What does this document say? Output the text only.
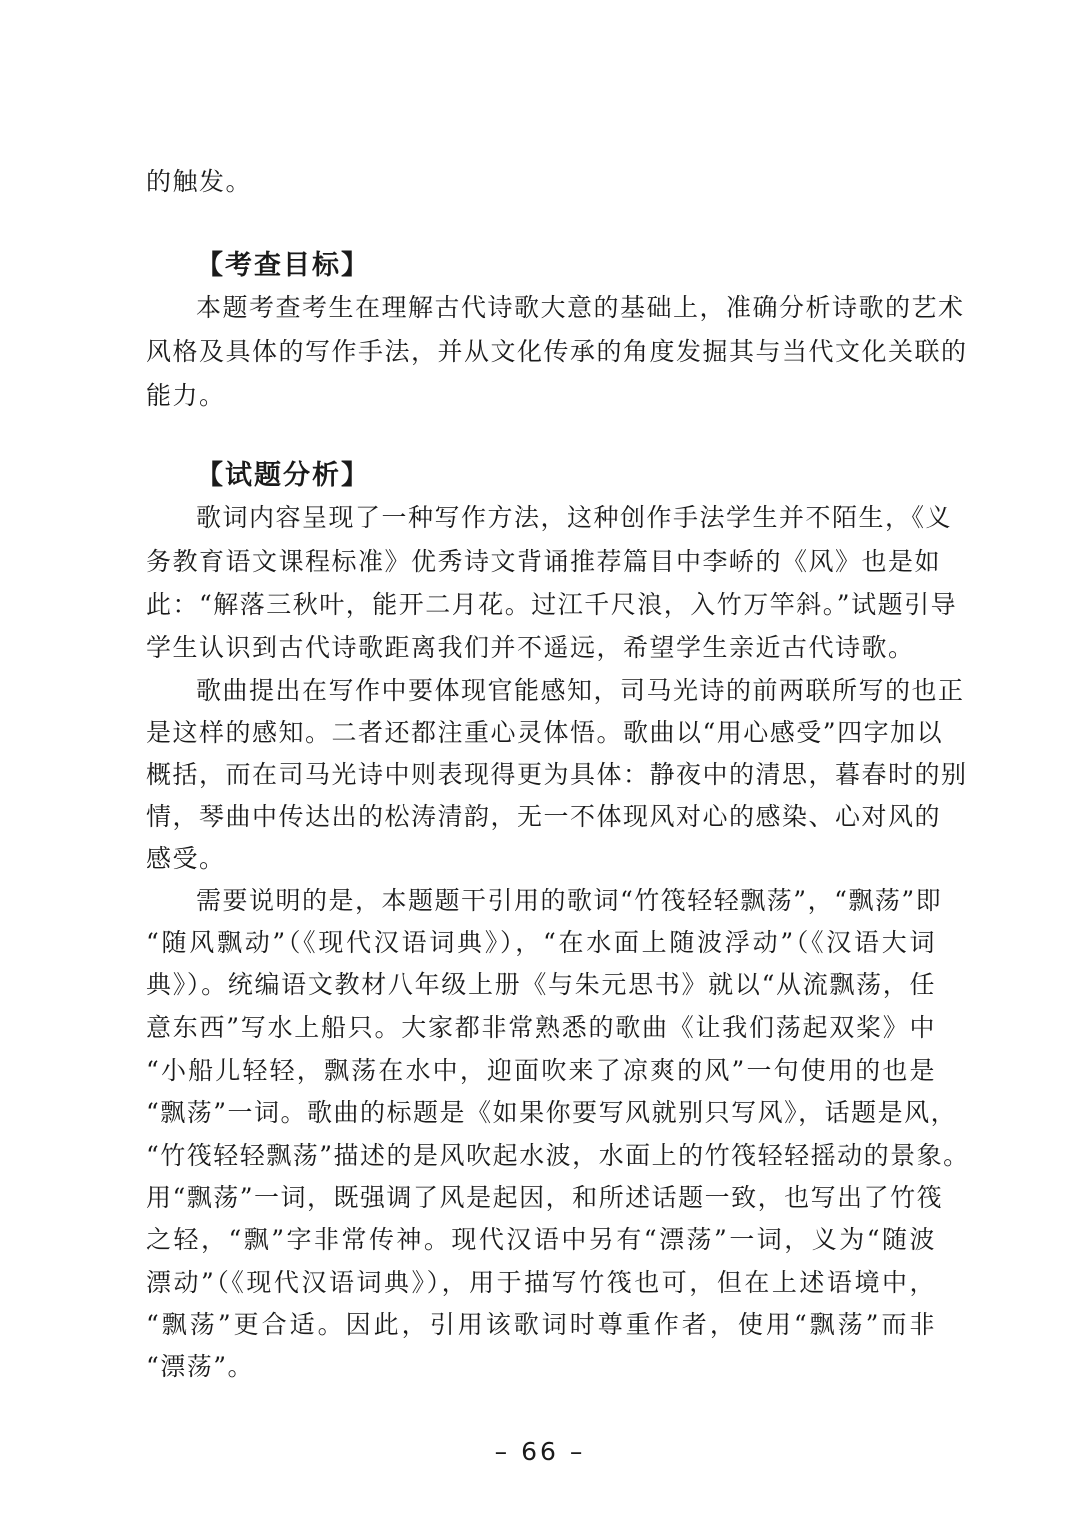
的触发。
【考查目标】
本题考查考生在理解古代诗歌大意的基础上，准确分析诗歌的艺术
风格及具体的写作手法，并从文化传承的角度发掘其与当代文化关联的
能力。
【试题分析】
歌词内容呈现了一种写作方法，这种创作手法学生并不陌生，《义
务教育语文课程标准》优秀诗文背诵推荐篇目中李峤的《风》也是如
此：“解落三秋叶，能开二月花。过江千尺浪，入竹万竿斜。”试题引导
学生认识到古代诗歌距离我们并不遥远，希望学生亲近古代诗歌。
歌曲提出在写作中要体现官能感知，司马光诗的前两联所写的也正
是这样的感知。二者还都注重心灵体悟。歌曲以“用心感受”四字加以
概括，而在司马光诗中则表现得更为具体：静夜中的清思，暮春时的别
情，琴曲中传达出的松涛清韵，无一不体现风对心的感染、心对风的
感受。
需要说明的是，本题题干引用的歌词“竹筏轻轻飘荡”，“飘荡”即
“随风飘动”（《现代汉语词典》），“在水面上随波浮动”（《汉语大词
典》）。统编语文教材八年级上册《与朱元思书》就以“从流飘荡，任
意东西”写水上船只。大家都非常熟悉的歌曲《让我们荡起双桨》中
“小船儿轻轻，飘荡在水中，迎面吹来了凉爽的风”一句使用的也是
“飘荡”一词。歌曲的标题是《如果你要写风就别只写风》，话题是风，
“竹筏轻轻飘荡”描述的是风吹起水波，水面上的竹筏轻轻摇动的景象。
用“飘荡”一词，既强调了风是起因，和所述话题一致，也写出了竹筏
之轻，“飘”字非常传神。现代汉语中另有“漂荡”一词，义为“随波
漂动”（《现代汉语词典》），用于描写竹筏也可，但在上述语境中，
“飘荡”更合适。因此，引用该歌词时尊重作者，使用“飘荡”而非
“漂荡”。
– 66 –
